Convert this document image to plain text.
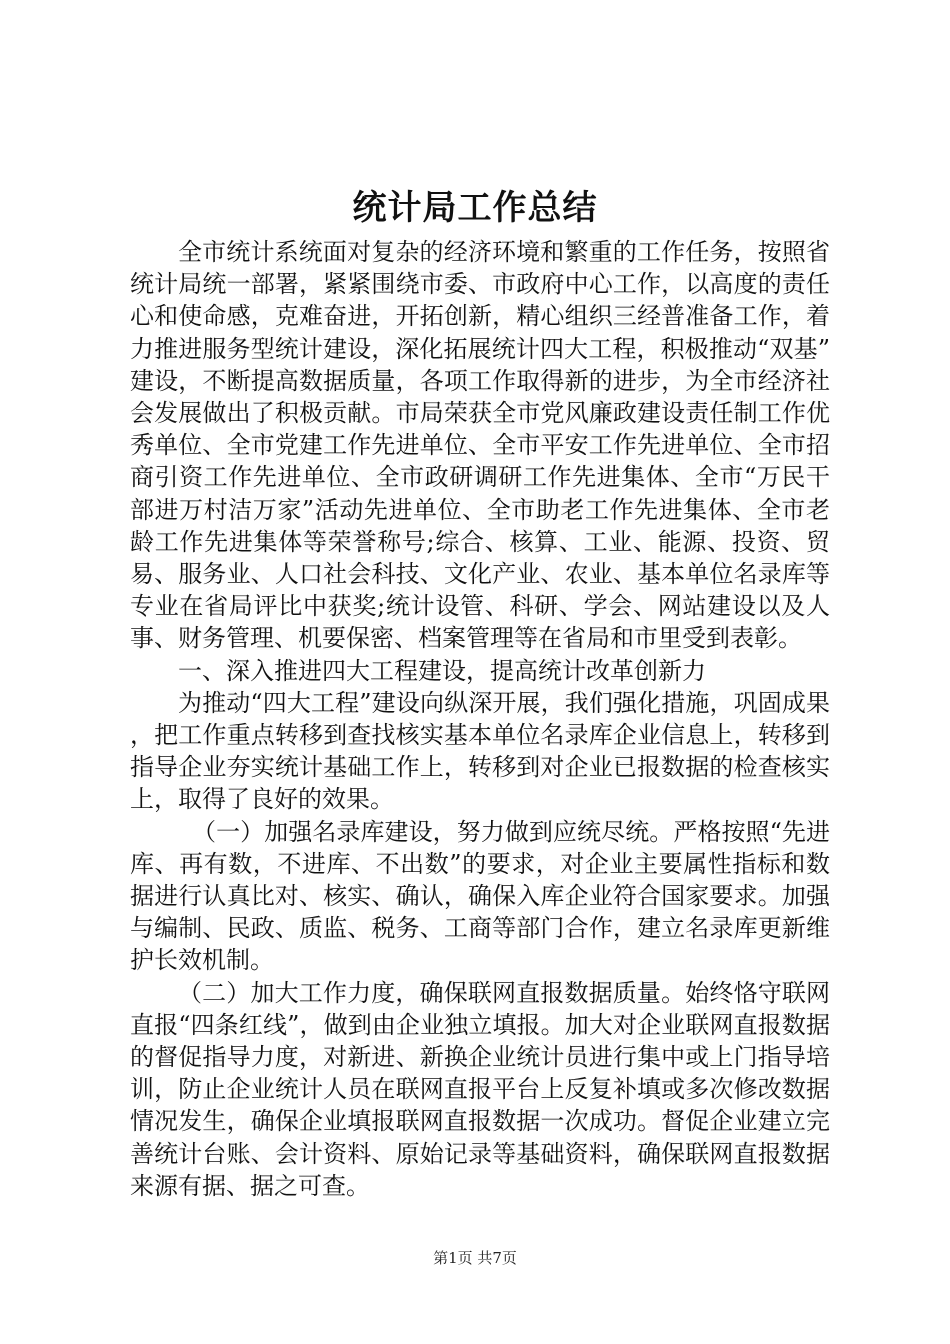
统计局工作总结

全市统计系统面对复杂的经济环境和繁重的工作任务，按照省统计局统一部署，紧紧围绕市委、市政府中心工作，以高度的责任心和使命感，克难奋进，开拓创新，精心组织三经普准备工作，着力推进服务型统计建设，深化拓展统计四大工程，积极推动“双基”建设，不断提高数据质量，各项工作取得新的进步，为全市经济社会发展做出了积极贡献。市局荣获全市党风廉政建设责任制工作优秀单位、全市党建工作先进单位、全市平安工作先进单位、全市招商引资工作先进单位、全市政研调研工作先进集体、全市“万民干部进万村洁万家”活动先进单位、全市助老工作先进集体、全市老龄工作先进集体等荣誉称号;综合、核算、工业、能源、投资、贸易、服务业、人口社会科技、文化产业、农业、基本单位名录库等专业在省局评比中获奖;统计设管、科研、学会、网站建设以及人事、财务管理、机要保密、档案管理等在省局和市里受到表彰。

一、深入推进四大工程建设，提高统计改革创新力

为推动“四大工程”建设向纵深开展，我们强化措施，巩固成果，把工作重点转移到查找核实基本单位名录库企业信息上，转移到指导企业夯实统计基础工作上，转移到对企业已报数据的检查核实上，取得了良好的效果。

（一）加强名录库建设，努力做到应统尽统。严格按照“先进库、再有数，不进库、不出数”的要求，对企业主要属性指标和数据进行认真比对、核实、确认，确保入库企业符合国家要求。加强与编制、民政、质监、税务、工商等部门合作，建立名录库更新维护长效机制。

（二）加大工作力度，确保联网直报数据质量。始终恪守联网直报“四条红线”，做到由企业独立填报。加大对企业联网直报数据的督促指导力度，对新进、新换企业统计员进行集中或上门指导培训，防止企业统计人员在联网直报平台上反复补填或多次修改数据情况发生，确保企业填报联网直报数据一次成功。督促企业建立完善统计台账、会计资料、原始记录等基础资料，确保联网直报数据来源有据、据之可查。

第1页 共7页
